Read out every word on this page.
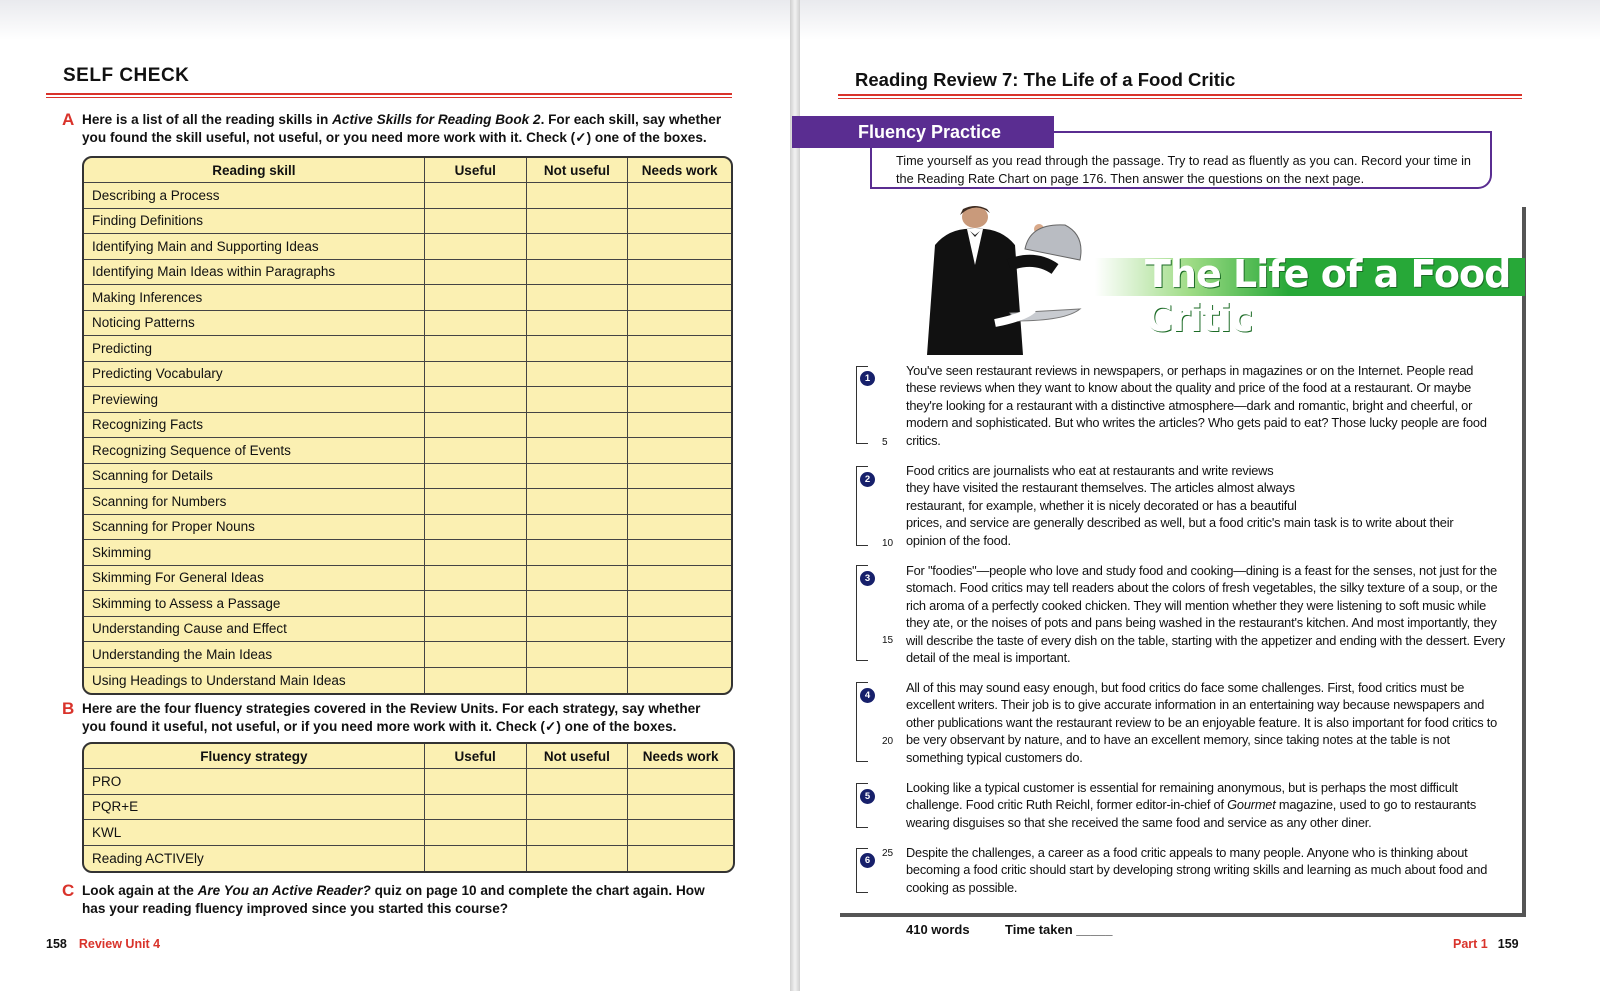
SELF CHECK
A Here is a list of all the reading skills in Active Skills for Reading Book 2. For each skill, say whether you found the skill useful, not useful, or you need more work with it. Check (✓) one of the boxes.
Reading skill	Useful	Not useful	Needs work
Describing a Process			
Finding Definitions			
Identifying Main and Supporting Ideas			
Identifying Main Ideas within Paragraphs			
Making Inferences			
Noticing Patterns			
Predicting			
Predicting Vocabulary			
Previewing			
Recognizing Facts			
Recognizing Sequence of Events			
Scanning for Details			
Scanning for Numbers			
Scanning for Proper Nouns			
Skimming			
Skimming For General Ideas			
Skimming to Assess a Passage			
Understanding Cause and Effect			
Understanding the Main Ideas			
Using Headings to Understand Main Ideas			
B Here are the four fluency strategies covered in the Review Units. For each strategy, say whether you found it useful, not useful, or if you need more work with it. Check (✓) one of the boxes.
Fluency strategy	Useful	Not useful	Needs work
PRO			
PQR+E			
KWL			
Reading ACTIVEly			
C Look again at the Are You an Active Reader? quiz on page 10 and complete the chart again. How has your reading fluency improved since you started this course?
158 Review Unit 4
Reading Review 7: The Life of a Food Critic
Fluency Practice
Time yourself as you read through the passage. Try to read as fluently as you can. Record your time in the Reading Rate Chart on page 176. Then answer the questions on the next page.
The Life of a Food Critic
1
5
You've seen restaurant reviews in newspapers, or perhaps in magazines or on the Internet. People read these reviews when they want to know about the quality and price of the food at a restaurant. Or maybe they're looking for a restaurant with a distinctive atmosphere—dark and romantic, bright and cheerful, or modern and sophisticated. But who writes the articles? Who gets paid to eat? Those lucky people are food critics.
2
10
Food critics are journalists who eat at restaurants and write reviews
they have visited the restaurant themselves. The articles almost always
restaurant, for example, whether it is nicely decorated or has a beautiful
prices, and service are generally described as well, but a food critic's main task is to write about their
opinion of the food.
3
15
For "foodies"—people who love and study food and cooking—dining is a feast for the senses, not just for the stomach. Food critics may tell readers about the colors of fresh vegetables, the silky texture of a soup, or the rich aroma of a perfectly cooked chicken. They will mention whether they were listening to soft music while they ate, or the noises of pots and pans being washed in the restaurant's kitchen. And most importantly, they will describe the taste of every dish on the table, starting with the appetizer and ending with the dessert. Every detail of the meal is important.
4
20
All of this may sound easy enough, but food critics do face some challenges. First, food critics must be excellent writers. Their job is to give accurate information in an entertaining way because newspapers and other publications want the restaurant review to be an enjoyable feature. It is also important for food critics to be very observant by nature, and to have an excellent memory, since taking notes at the table is not something typical customers do.
5
Looking like a typical customer is essential for remaining anonymous, but is perhaps the most difficult challenge. Food critic Ruth Reichl, former editor-in-chief of Gourmet magazine, used to go to restaurants wearing disguises so that she received the same food and service as any other diner.
6
25 Despite the challenges, a career as a food critic appeals to many people. Anyone who is thinking about becoming a food critic should start by developing strong writing skills and learning as much about food and cooking as possible.
410 words	Time taken _____
Part 1 159
